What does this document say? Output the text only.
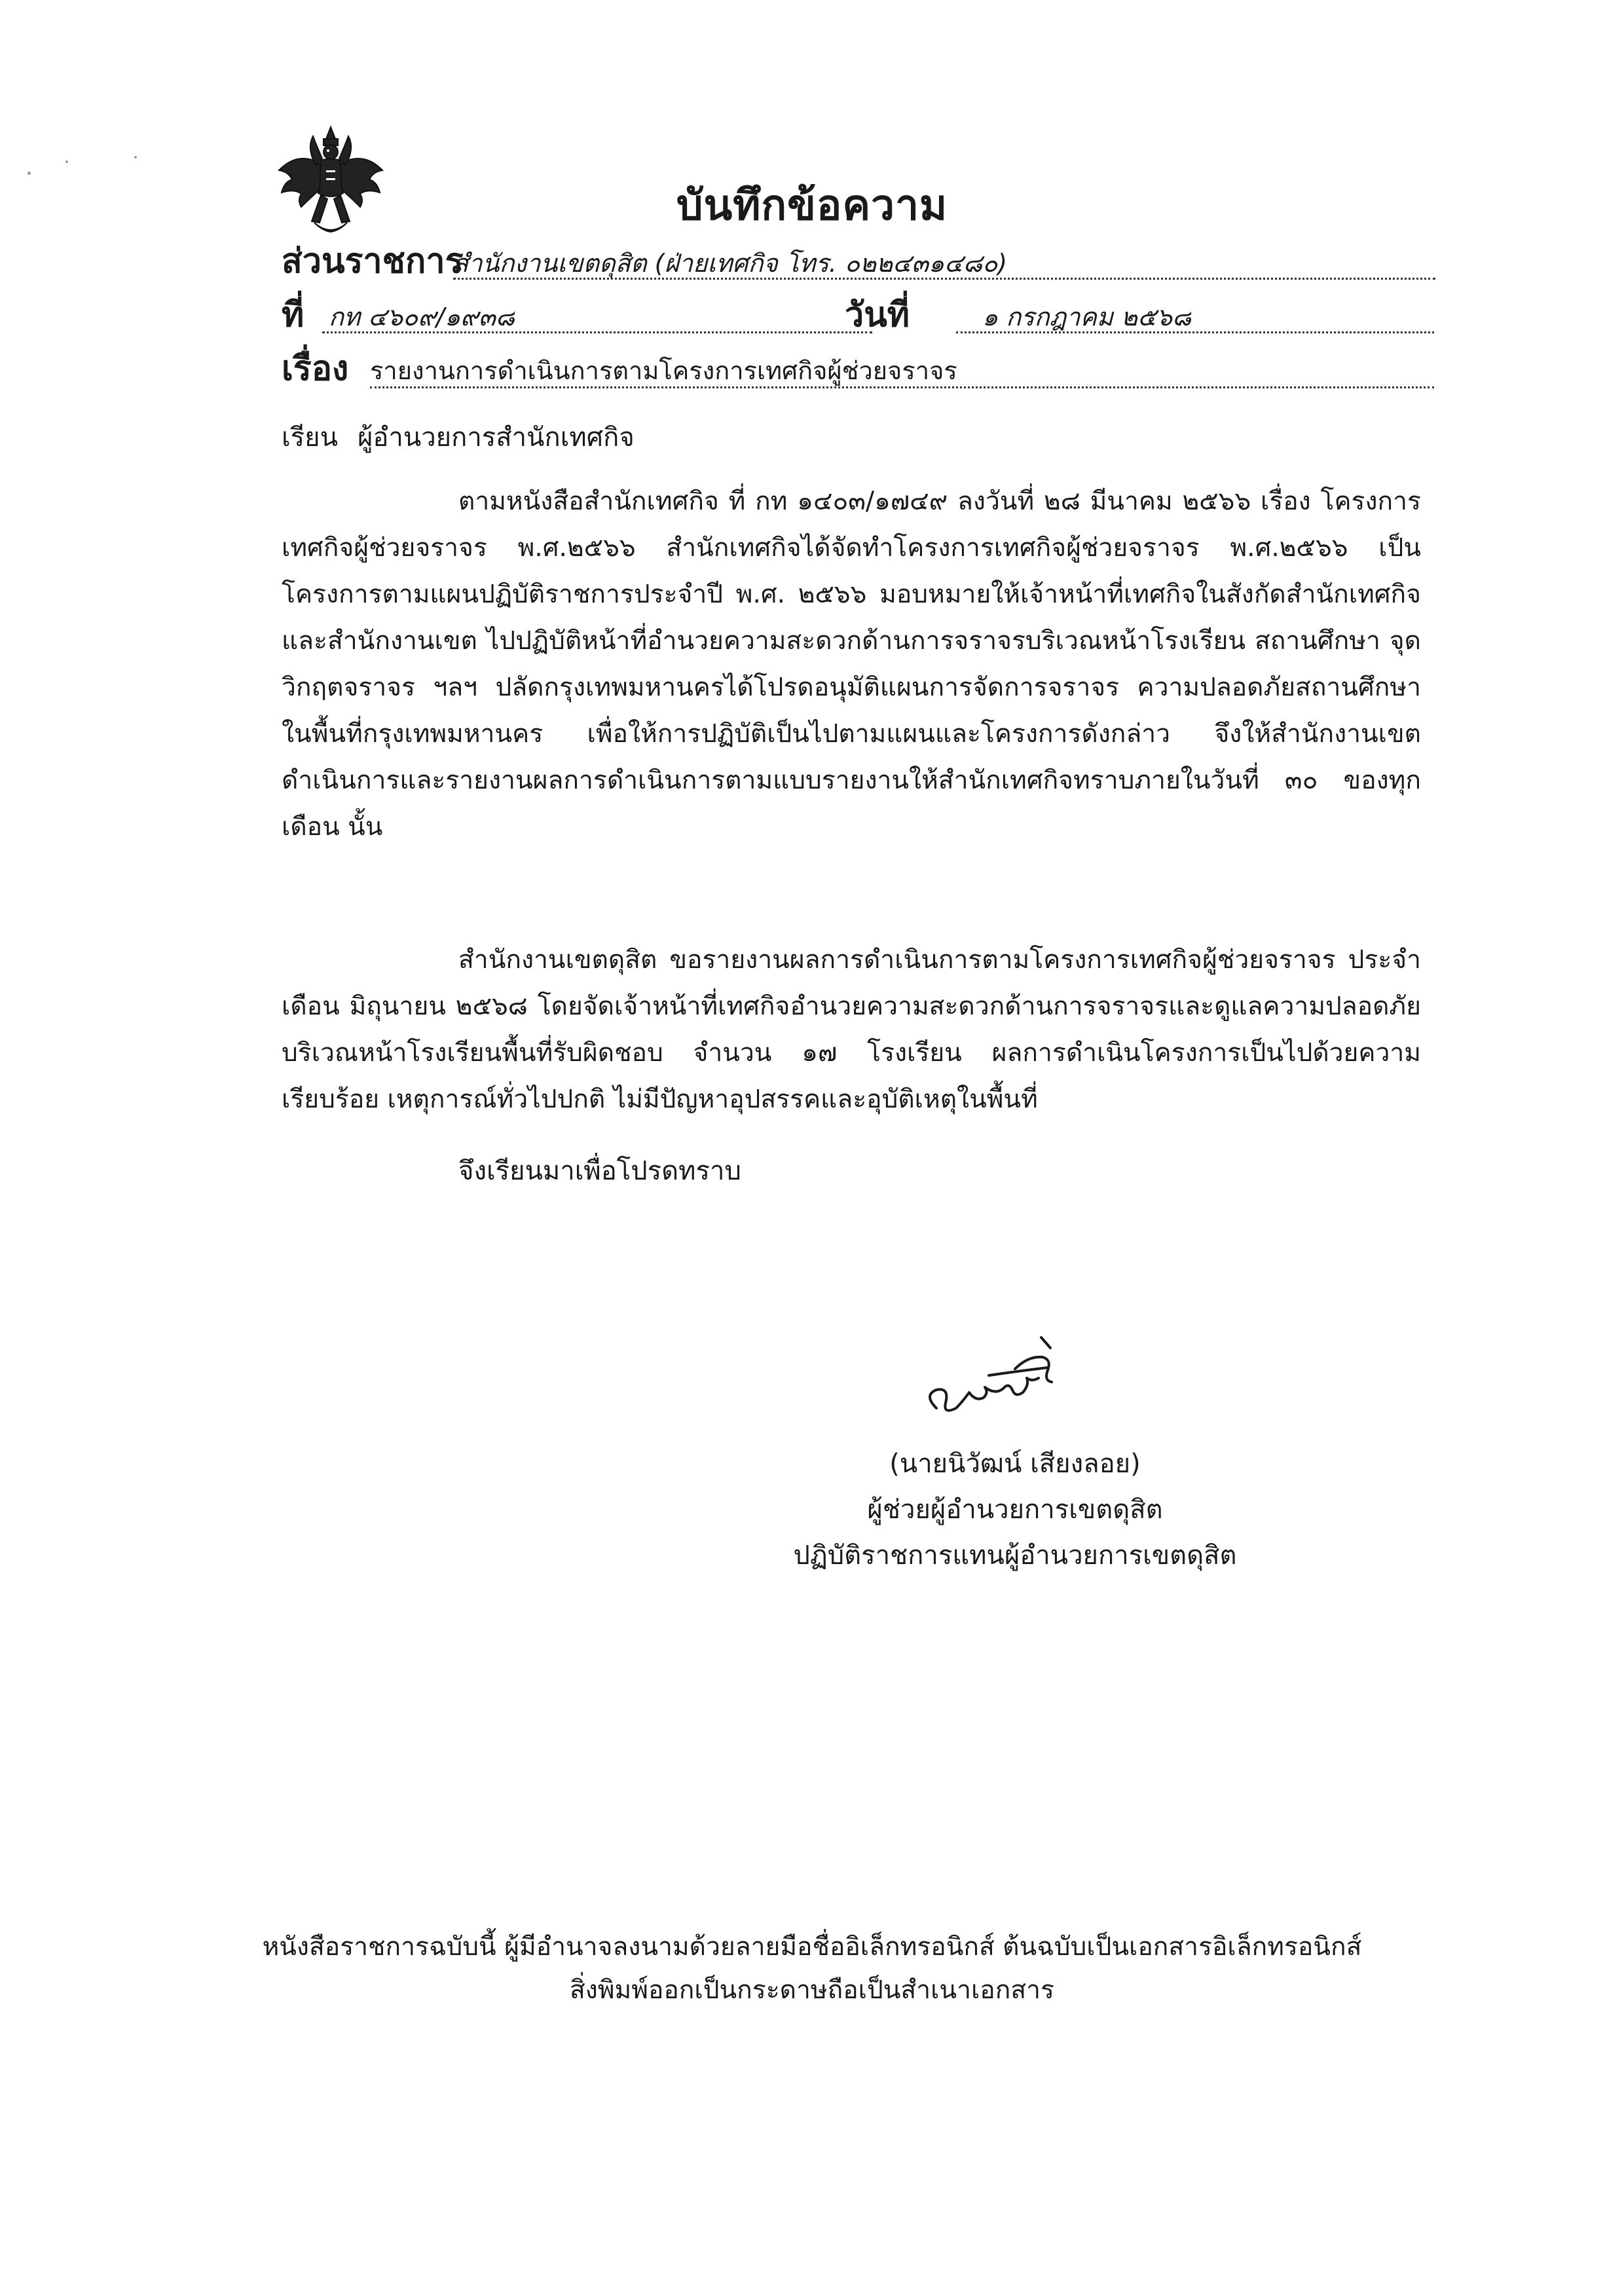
บันทึกข้อความ
ส่วนราชการ
สำนักงานเขตดุสิต (ฝ่ายเทศกิจ โทร. ๐๒๒๔๓๑๔๘๐)
ที่ กท ๔๖๐๙/๑๙๓๘	วันที่	๑ กรกฎาคม ๒๕๖๘
เรื่อง รายงานการดำเนินการตามโครงการเทศกิจผู้ช่วยจราจร
เรียน ผู้อำนวยการสำนักเทศกิจ
ตามหนังสือสำนักเทศกิจ ที่ กท ๑๔๐๓/๑๗๔๙ ลงวันที่ ๒๘ มีนาคม ๒๕๖๖ เรื่อง โครงการเทศกิจผู้ช่วยจราจร พ.ศ.๒๕๖๖ สำนักเทศกิจได้จัดทำโครงการเทศกิจผู้ช่วยจราจร พ.ศ.๒๕๖๖ เป็นโครงการตามแผนปฏิบัติราชการประจำปี พ.ศ. ๒๕๖๖ มอบหมายให้เจ้าหน้าที่เทศกิจในสังกัดสำนักเทศกิจและสำนักงานเขต ไปปฏิบัติหน้าที่อำนวยความสะดวกด้านการจราจรบริเวณหน้าโรงเรียน สถานศึกษา จุดวิกฤตจราจร ฯลฯ ปลัดกรุงเทพมหานครได้โปรดอนุมัติแผนการจัดการจราจร ความปลอดภัยสถานศึกษาในพื้นที่กรุงเทพมหานคร เพื่อให้การปฏิบัติเป็นไปตามแผนและโครงการดังกล่าว จึงให้สำนักงานเขตดำเนินการและรายงานผลการดำเนินการตามแบบรายงานให้สำนักเทศกิจทราบภายในวันที่ ๓๐ ของทุกเดือน นั้น
สำนักงานเขตดุสิต ขอรายงานผลการดำเนินการตามโครงการเทศกิจผู้ช่วยจราจร ประจำเดือน มิถุนายน ๒๕๖๘ โดยจัดเจ้าหน้าที่เทศกิจอำนวยความสะดวกด้านการจราจรและดูแลความปลอดภัยบริเวณหน้าโรงเรียนพื้นที่รับผิดชอบ จำนวน ๑๗ โรงเรียน ผลการดำเนินโครงการเป็นไปด้วยความเรียบร้อย เหตุการณ์ทั่วไปปกติ ไม่มีปัญหาอุปสรรคและอุบัติเหตุในพื้นที่
จึงเรียนมาเพื่อโปรดทราบ
(นายนิวัฒน์ เสียงลอย)
ผู้ช่วยผู้อำนวยการเขตดุสิต
ปฏิบัติราชการแทนผู้อำนวยการเขตดุสิต
หนังสือราชการฉบับนี้ ผู้มีอำนาจลงนามด้วยลายมือชื่ออิเล็กทรอนิกส์ ต้นฉบับเป็นเอกสารอิเล็กทรอนิกส์
สิ่งพิมพ์ออกเป็นกระดาษถือเป็นสำเนาเอกสาร
